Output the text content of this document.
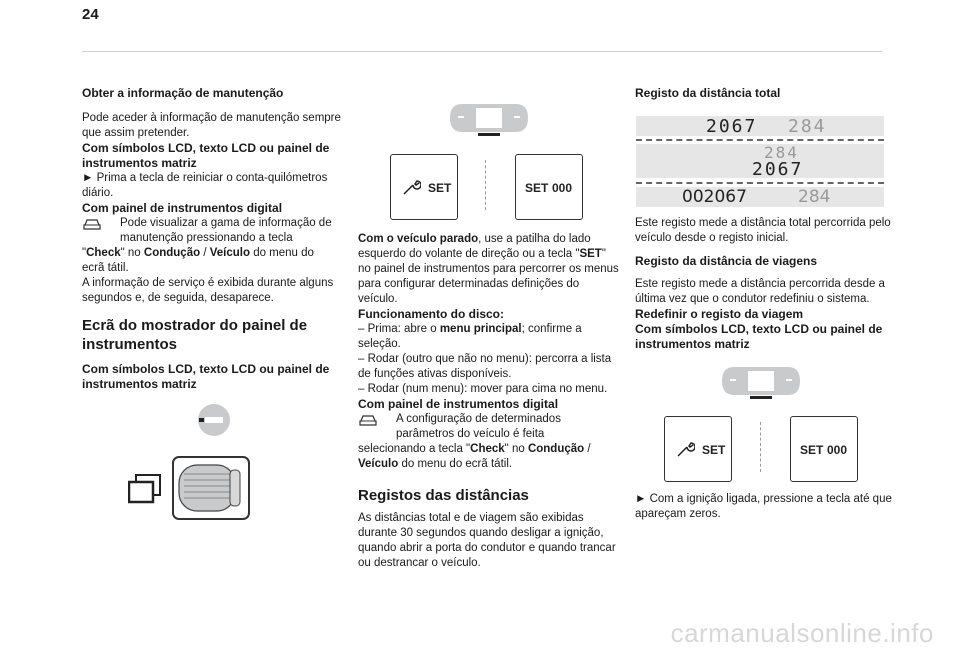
24

Obter a informação de manutenção

Pode aceder à informação de manutenção sempre que assim pretender.

Com símbolos LCD, texto LCD ou painel de instrumentos matriz

► Prima a tecla de reiniciar o conta-quilómetros diário.

Com painel de instrumentos digital

Pode visualizar a gama de informação de

manutenção pressionando a tecla

"Check" no Condução / Veículo do menu do

ecrã tátil.

A informação de serviço é exibida durante alguns segundos e, de seguida, desaparece.

Ecrã do mostrador do painel de instrumentos

Com símbolos LCD, texto LCD ou painel de instrumentos matriz

SET	SET 000

Com o veículo parado, use a patilha do lado esquerdo do volante de direção ou a tecla "SET" no painel de instrumentos para percorrer os menus para configurar determinadas definições do veículo.

Funcionamento do disco:

– Prima: abre o menu principal; confirme a seleção.

– Rodar (outro que não no menu): percorra a lista de funções ativas disponíveis.

– Rodar (num menu): mover para cima no menu.

Com painel de instrumentos digital

A configuração de determinados

parâmetros do veículo é feita

selecionando a tecla "Check" no Condução /

Veículo do menu do ecrã tátil.

Registos das distâncias

As distâncias total e de viagem são exibidas durante 30 segundos quando desligar a ignição, quando abrir a porta do condutor e quando trancar ou destrancar o veículo.

Registo da distância total

2067 284
284
2067
002067	284

Este registo mede a distância total percorrida pelo veículo desde o registo inicial.

Registo da distância de viagens

Este registo mede a distância percorrida desde a última vez que o condutor redefiniu o sistema.

Redefinir o registo da viagem

Com símbolos LCD, texto LCD ou painel de instrumentos matriz

SET	SET 000

► Com a ignição ligada, pressione a tecla até que apareçam zeros.

carmanualsonline.info
